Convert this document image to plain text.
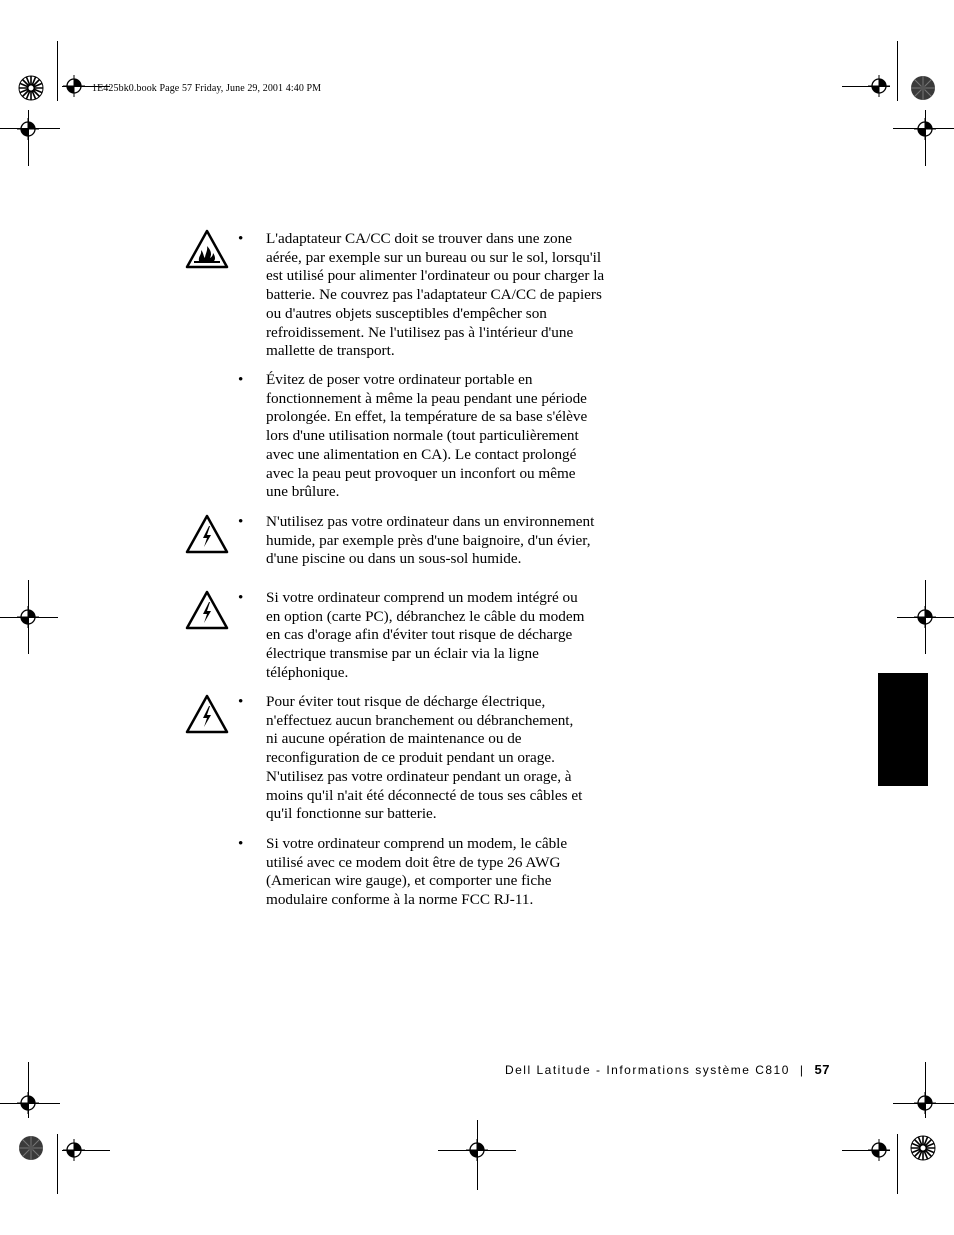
1E425bk0.book Page 57 Friday, June 29, 2001 4:40 PM
• L'adaptateur CA/CC doit se trouver dans une zone
aérée, par exemple sur un bureau ou sur le sol, lorsqu'il
est utilisé pour alimenter l'ordinateur ou pour charger la
batterie. Ne couvrez pas l'adaptateur CA/CC de papiers
ou d'autres objets susceptibles d'empêcher son
refroidissement. Ne l'utilisez pas à l'intérieur d'une
mallette de transport.
• Évitez de poser votre ordinateur portable en
fonctionnement à même la peau pendant une période
prolongée. En effet, la température de sa base s'élève
lors d'une utilisation normale (tout particulièrement
avec une alimentation en CA). Le contact prolongé
avec la peau peut provoquer un inconfort ou même
une brûlure.
• N'utilisez pas votre ordinateur dans un environnement
humide, par exemple près d'une baignoire, d'un évier,
d'une piscine ou dans un sous-sol humide.
• Si votre ordinateur comprend un modem intégré ou
en option (carte PC), débranchez le câble du modem
en cas d'orage afin d'éviter tout risque de décharge
électrique transmise par un éclair via la ligne
téléphonique.
• Pour éviter tout risque de décharge électrique,
n'effectuez aucun branchement ou débranchement,
ni aucune opération de maintenance ou de
reconfiguration de ce produit pendant un orage.
N'utilisez pas votre ordinateur pendant un orage, à
moins qu'il n'ait été déconnecté de tous ses câbles et
qu'il fonctionne sur batterie.
• Si votre ordinateur comprend un modem, le câble
utilisé avec ce modem doit être de type 26 AWG
(American wire gauge), et comporter une fiche
modulaire conforme à la norme FCC RJ-11.
Dell Latitude - Informations système C810 | 57
